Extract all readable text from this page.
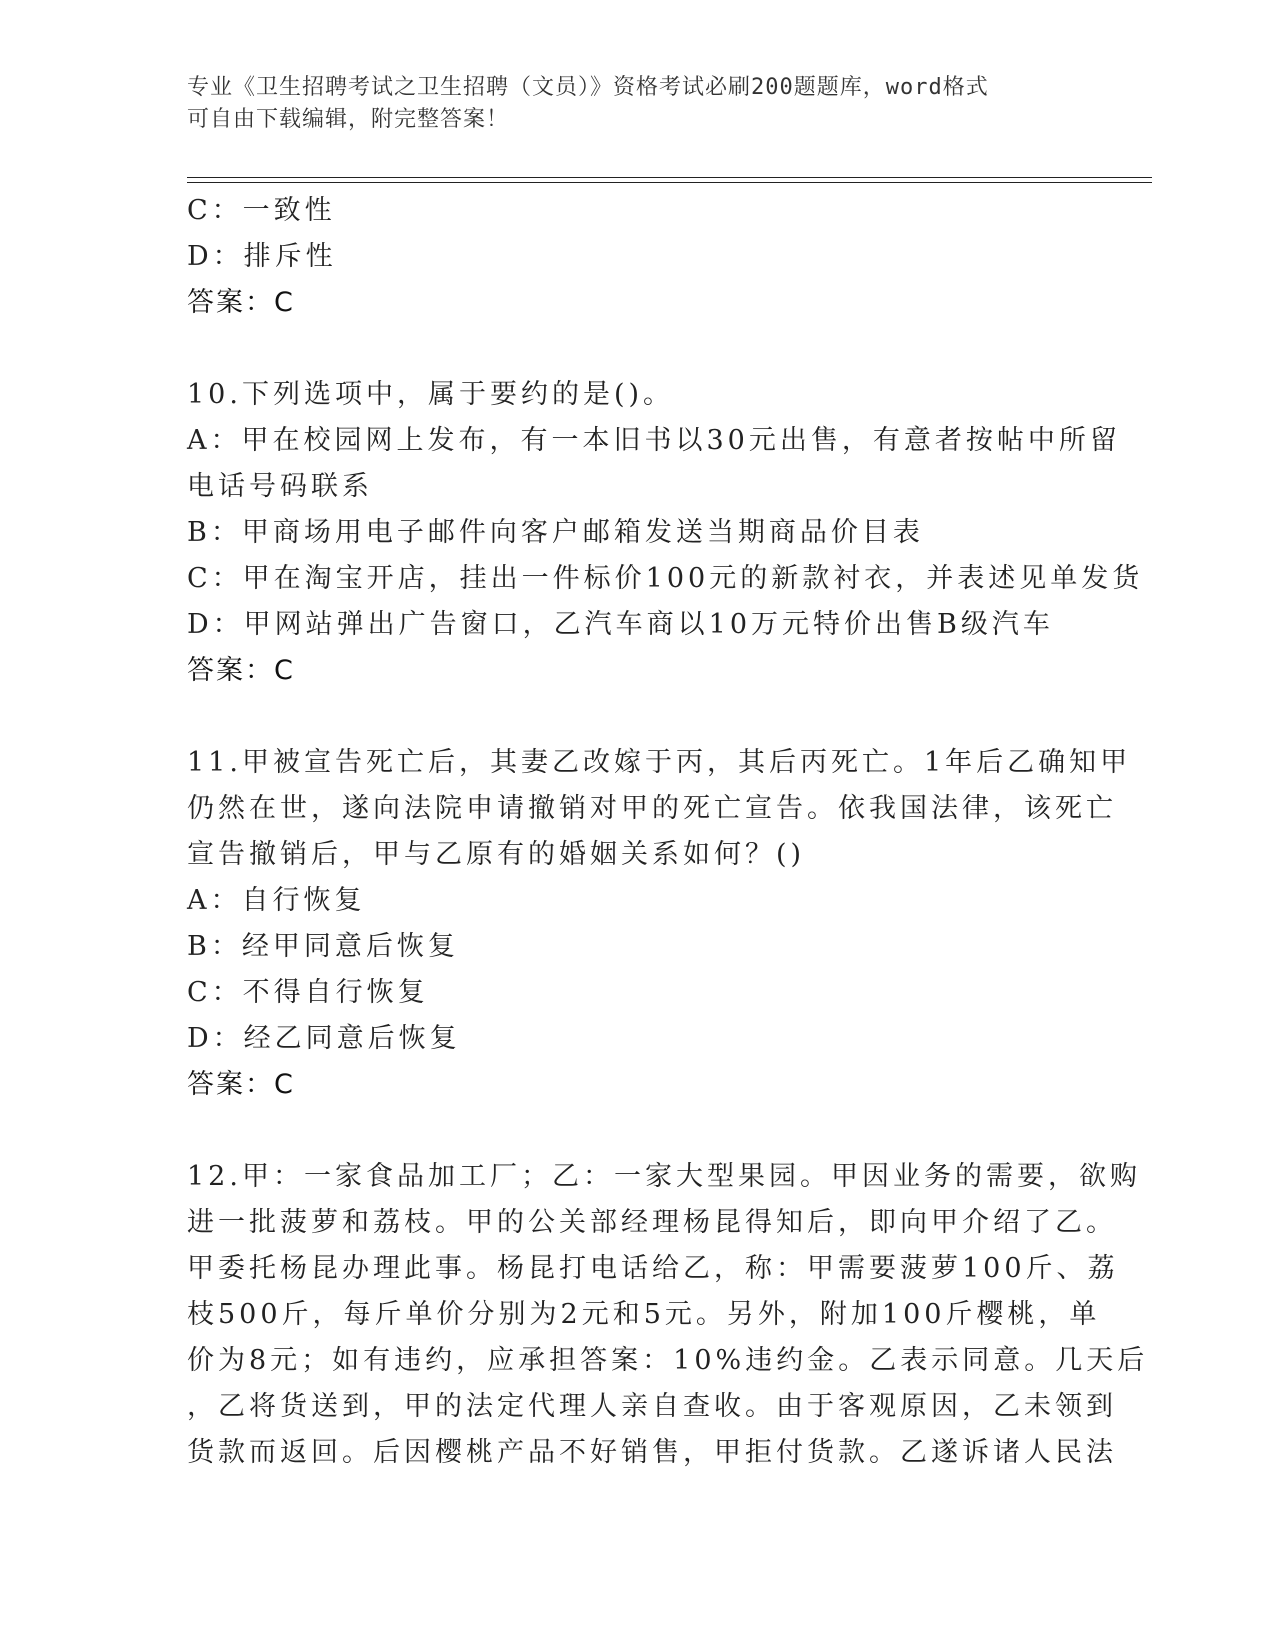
专业《卫生招聘考试之卫生招聘（文员）》资格考试必刷200题题库，word格式
可自由下载编辑，附完整答案！
C：一致性
D：排斥性
答案：C
10.下列选项中，属于要约的是()。
A：甲在校园网上发布，有一本旧书以30元出售，有意者按帖中所留
电话号码联系
B：甲商场用电子邮件向客户邮箱发送当期商品价目表
C：甲在淘宝开店，挂出一件标价100元的新款衬衣，并表述见单发货
D：甲网站弹出广告窗口，乙汽车商以10万元特价出售B级汽车
答案：C
11.甲被宣告死亡后，其妻乙改嫁于丙，其后丙死亡。1年后乙确知甲
仍然在世，遂向法院申请撤销对甲的死亡宣告。依我国法律，该死亡
宣告撤销后，甲与乙原有的婚姻关系如何？()
A：自行恢复
B：经甲同意后恢复
C：不得自行恢复
D：经乙同意后恢复
答案：C
12.甲：一家食品加工厂；乙：一家大型果园。甲因业务的需要，欲购
进一批菠萝和荔枝。甲的公关部经理杨昆得知后，即向甲介绍了乙。
甲委托杨昆办理此事。杨昆打电话给乙，称：甲需要菠萝100斤、荔
枝500斤，每斤单价分别为2元和5元。另外，附加100斤樱桃，单
价为8元；如有违约，应承担答案：10%违约金。乙表示同意。几天后
，乙将货送到，甲的法定代理人亲自查收。由于客观原因，乙未领到
货款而返回。后因樱桃产品不好销售，甲拒付货款。乙遂诉诸人民法
